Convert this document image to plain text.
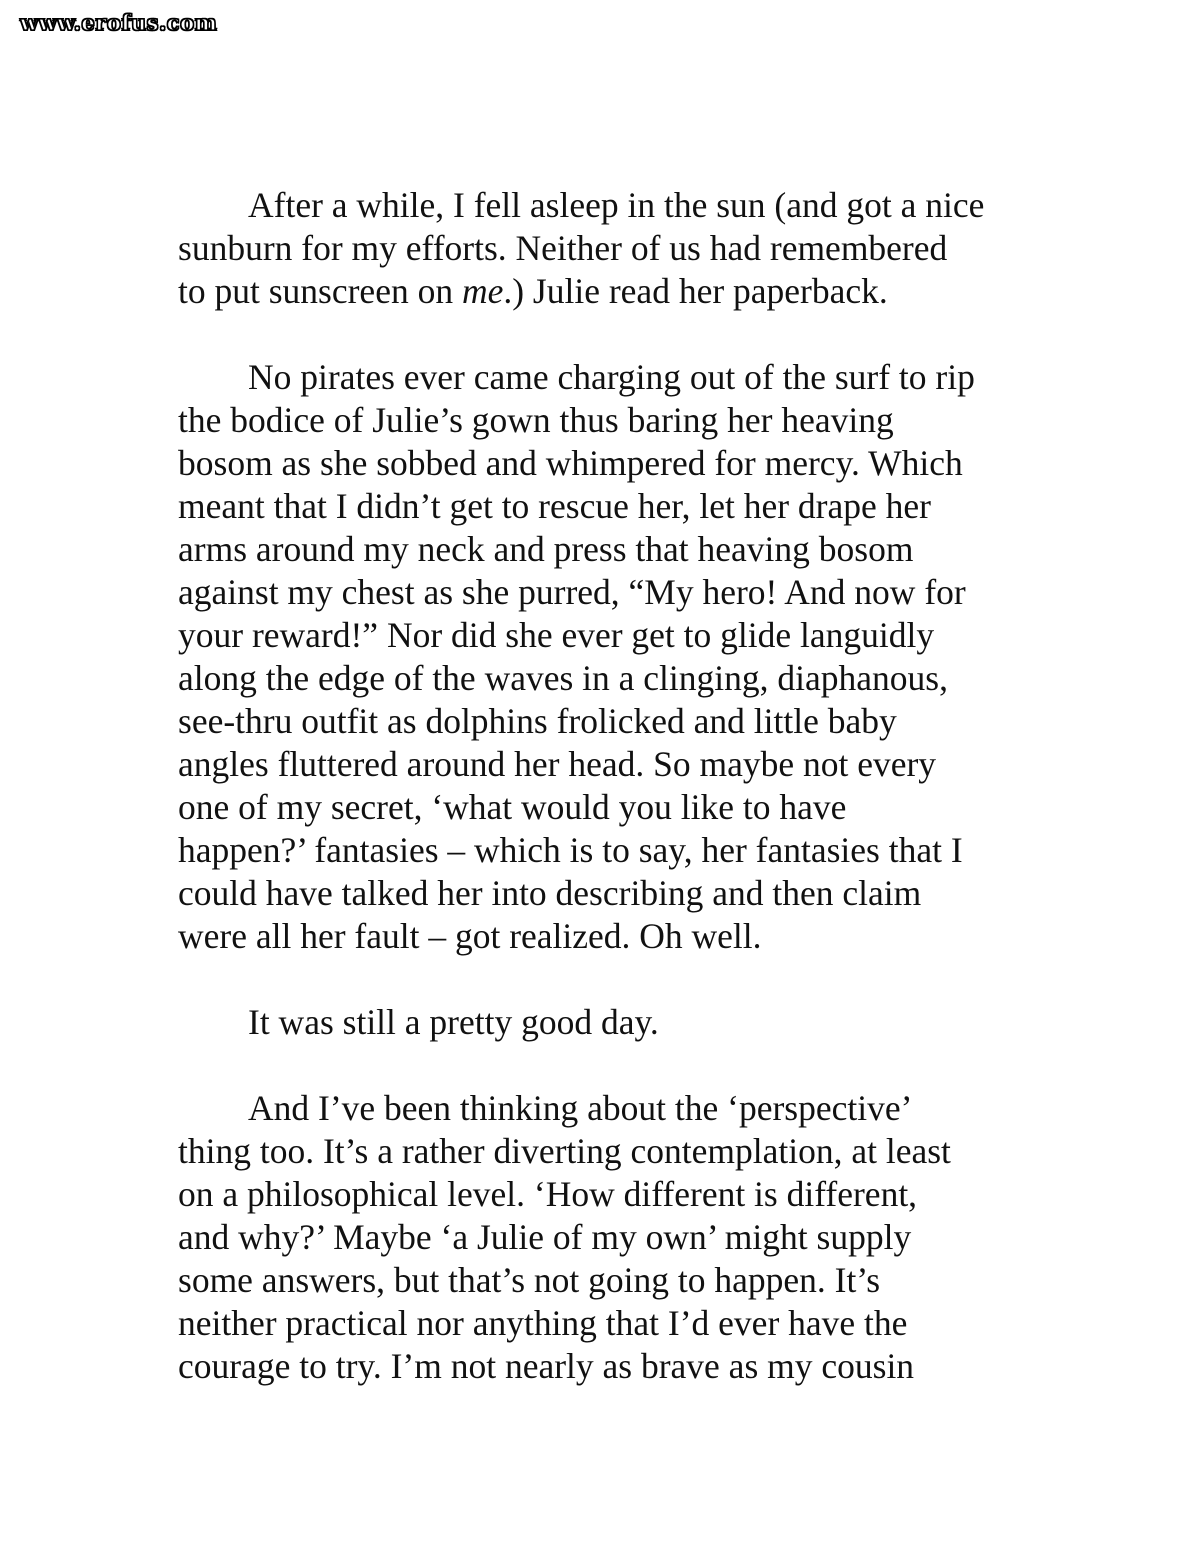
www.erofus.com

After a while, I fell asleep in the sun (and got a nice
sunburn for my efforts. Neither of us had remembered
to put sunscreen on me.) Julie read her paperback.

No pirates ever came charging out of the surf to rip
the bodice of Julie’s gown thus baring her heaving
bosom as she sobbed and whimpered for mercy. Which
meant that I didn’t get to rescue her, let her drape her
arms around my neck and press that heaving bosom
against my chest as she purred, “My hero! And now for
your reward!” Nor did she ever get to glide languidly
along the edge of the waves in a clinging, diaphanous,
see-thru outfit as dolphins frolicked and little baby
angles fluttered around her head. So maybe not every
one of my secret, ‘what would you like to have
happen?’ fantasies – which is to say, her fantasies that I
could have talked her into describing and then claim
were all her fault – got realized. Oh well.

It was still a pretty good day.

And I’ve been thinking about the ‘perspective’
thing too. It’s a rather diverting contemplation, at least
on a philosophical level. ‘How different is different,
and why?’ Maybe ‘a Julie of my own’ might supply
some answers, but that’s not going to happen. It’s
neither practical nor anything that I’d ever have the
courage to try. I’m not nearly as brave as my cousin
